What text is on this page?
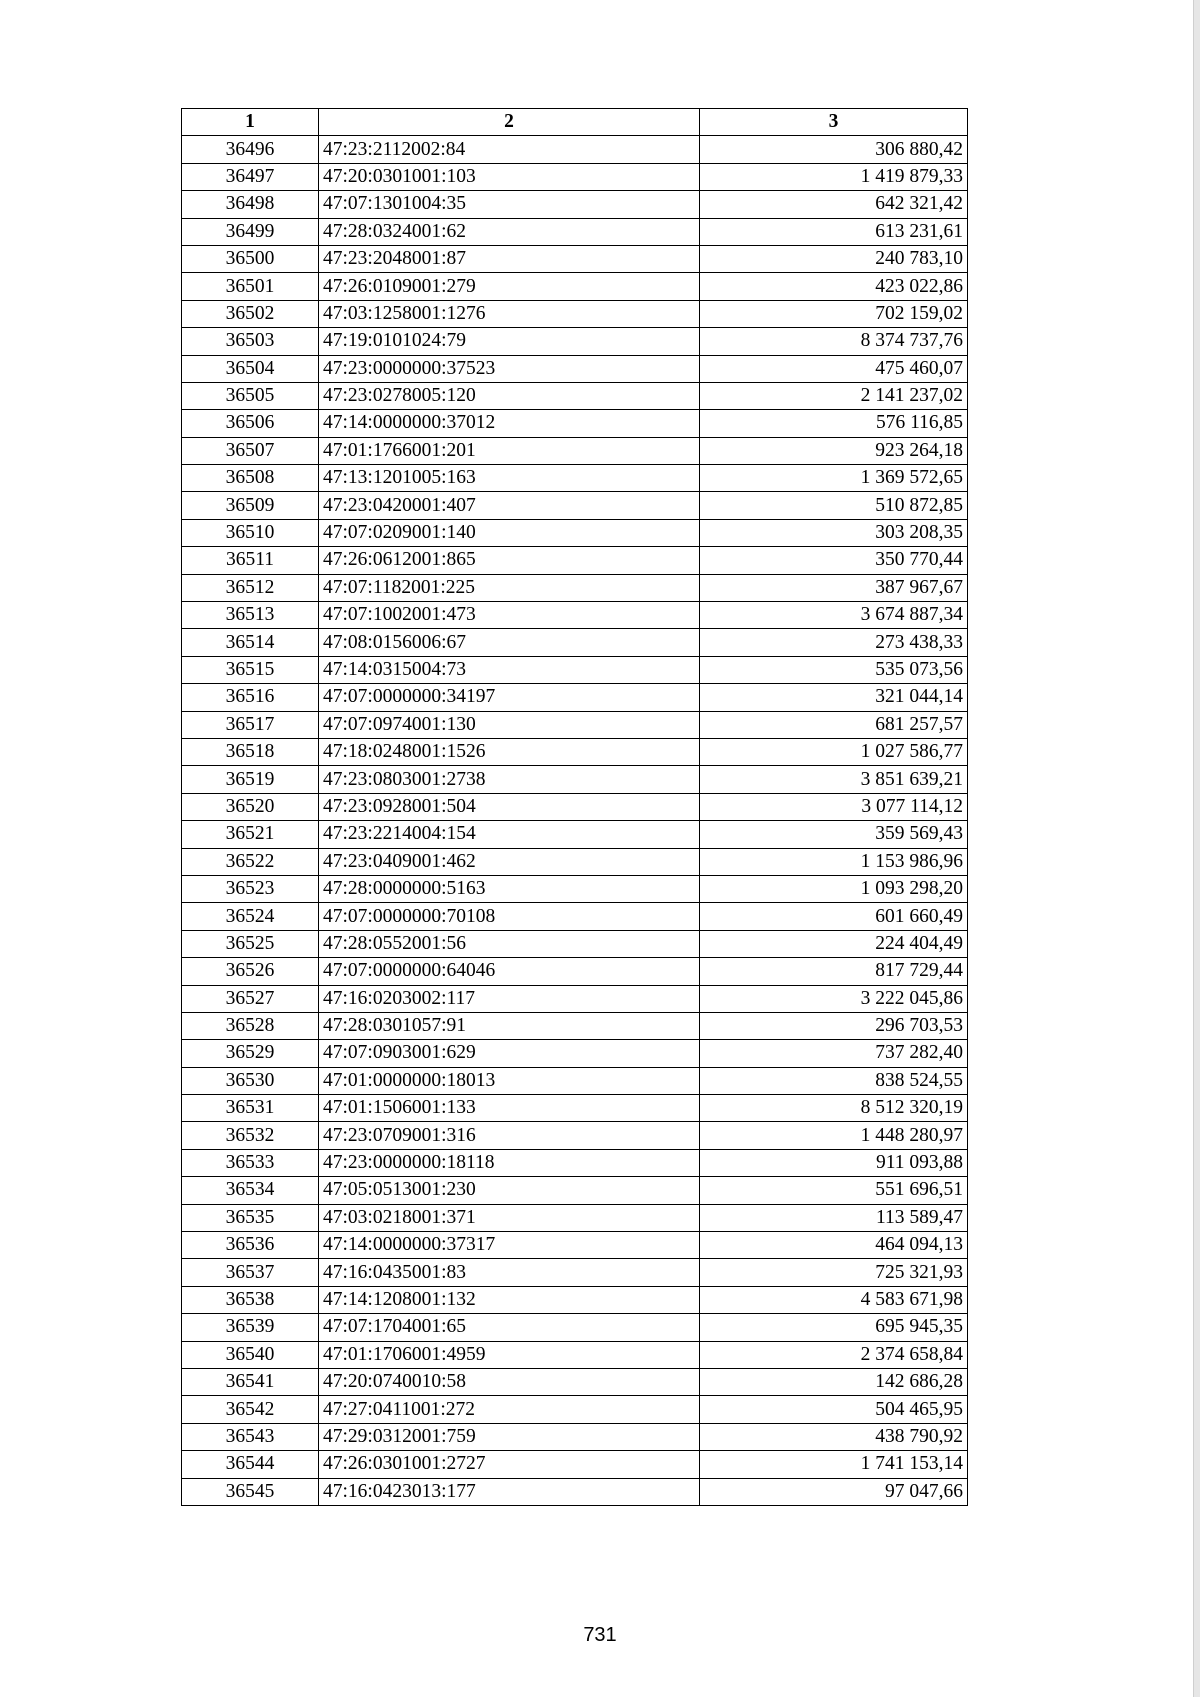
1	2	3
36496	47:23:2112002:84	306 880,42
36497	47:20:0301001:103	1 419 879,33
36498	47:07:1301004:35	642 321,42
36499	47:28:0324001:62	613 231,61
36500	47:23:2048001:87	240 783,10
36501	47:26:0109001:279	423 022,86
36502	47:03:1258001:1276	702 159,02
36503	47:19:0101024:79	8 374 737,76
36504	47:23:0000000:37523	475 460,07
36505	47:23:0278005:120	2 141 237,02
36506	47:14:0000000:37012	576 116,85
36507	47:01:1766001:201	923 264,18
36508	47:13:1201005:163	1 369 572,65
36509	47:23:0420001:407	510 872,85
36510	47:07:0209001:140	303 208,35
36511	47:26:0612001:865	350 770,44
36512	47:07:1182001:225	387 967,67
36513	47:07:1002001:473	3 674 887,34
36514	47:08:0156006:67	273 438,33
36515	47:14:0315004:73	535 073,56
36516	47:07:0000000:34197	321 044,14
36517	47:07:0974001:130	681 257,57
36518	47:18:0248001:1526	1 027 586,77
36519	47:23:0803001:2738	3 851 639,21
36520	47:23:0928001:504	3 077 114,12
36521	47:23:2214004:154	359 569,43
36522	47:23:0409001:462	1 153 986,96
36523	47:28:0000000:5163	1 093 298,20
36524	47:07:0000000:70108	601 660,49
36525	47:28:0552001:56	224 404,49
36526	47:07:0000000:64046	817 729,44
36527	47:16:0203002:117	3 222 045,86
36528	47:28:0301057:91	296 703,53
36529	47:07:0903001:629	737 282,40
36530	47:01:0000000:18013	838 524,55
36531	47:01:1506001:133	8 512 320,19
36532	47:23:0709001:316	1 448 280,97
36533	47:23:0000000:18118	911 093,88
36534	47:05:0513001:230	551 696,51
36535	47:03:0218001:371	113 589,47
36536	47:14:0000000:37317	464 094,13
36537	47:16:0435001:83	725 321,93
36538	47:14:1208001:132	4 583 671,98
36539	47:07:1704001:65	695 945,35
36540	47:01:1706001:4959	2 374 658,84
36541	47:20:0740010:58	142 686,28
36542	47:27:0411001:272	504 465,95
36543	47:29:0312001:759	438 790,92
36544	47:26:0301001:2727	1 741 153,14
36545	47:16:0423013:177	97 047,66
731
